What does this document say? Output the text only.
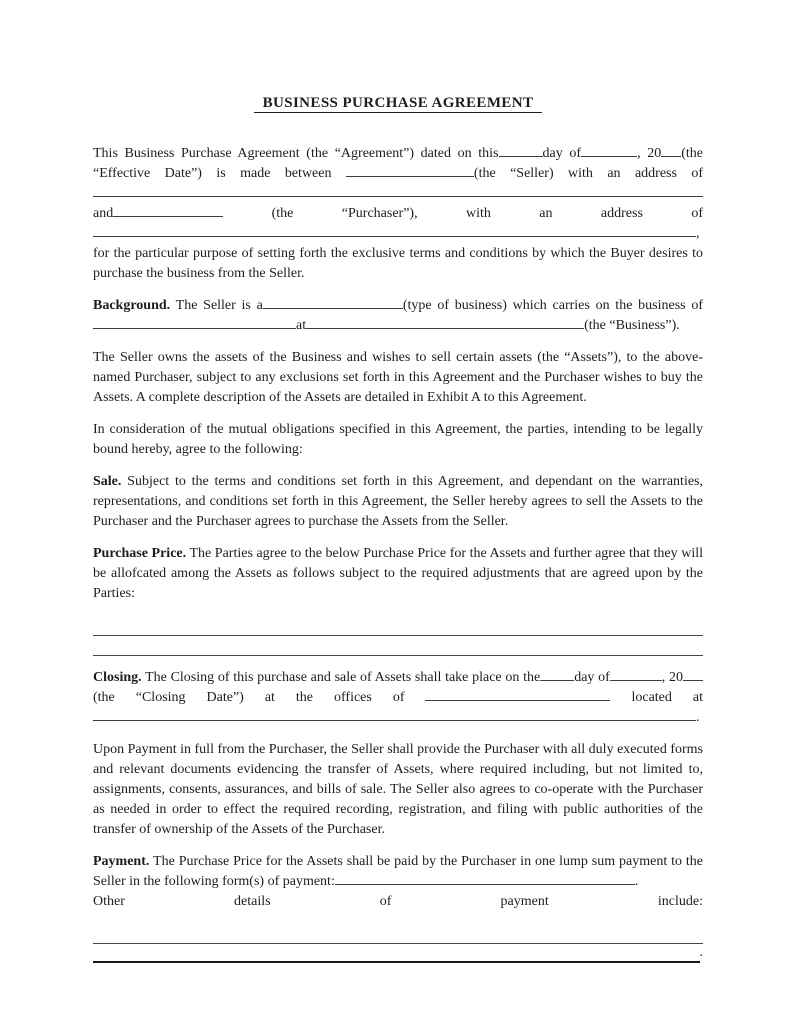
BUSINESS PURCHASE AGREEMENT

This Business Purchase Agreement (the “Agreement”) dated on this	day of	, 20 (the “Effective Date”) is made between	(the “Seller) with an address of and	(the “Purchaser”), with an address of , for the particular purpose of setting forth the exclusive terms and conditions by which the Buyer desires to purchase the business from the Seller.

Background. The Seller is a	(type of business) which carries on the business of at	(the “Business”).

The Seller owns the assets of the Business and wishes to sell certain assets (the “Assets”), to the above-named Purchaser, subject to any exclusions set forth in this Agreement and the Purchaser wishes to buy the Assets. A complete description of the Assets are detailed in Exhibit A to this Agreement.

In consideration of the mutual obligations specified in this Agreement, the parties, intending to be legally bound hereby, agree to the following:

Sale. Subject to the terms and conditions set forth in this Agreement, and dependant on the warranties, representations, and conditions set forth in this Agreement, the Seller hereby agrees to sell the Assets to the Purchaser and the Purchaser agrees to purchase the Assets from the Seller.

Purchase Price. The Parties agree to the below Purchase Price for the Assets and further agree that they will be allofcated among the Assets as follows subject to the required adjustments that are agreed upon by the Parties:

Closing. The Closing of this purchase and sale of Assets shall take place on the day of	, 20 (the “Closing Date”) at the offices of	located at .

Upon Payment in full from the Purchaser, the Seller shall provide the Purchaser with all duly executed forms and relevant documents evidencing the transfer of Assets, where required including, but not limited to, assignments, consents, assurances, and bills of sale. The Seller also agrees to co-operate with the Purchaser as needed in order to effect the required recording, registration, and filing with public authorities of the transfer of ownership of the Assets of the Purchaser.

Payment. The Purchase Price for the Assets shall be paid by the Purchaser in one lump sum payment to the Seller in the following form(s) of payment:	.

Other	details	of	payment	include:
.
